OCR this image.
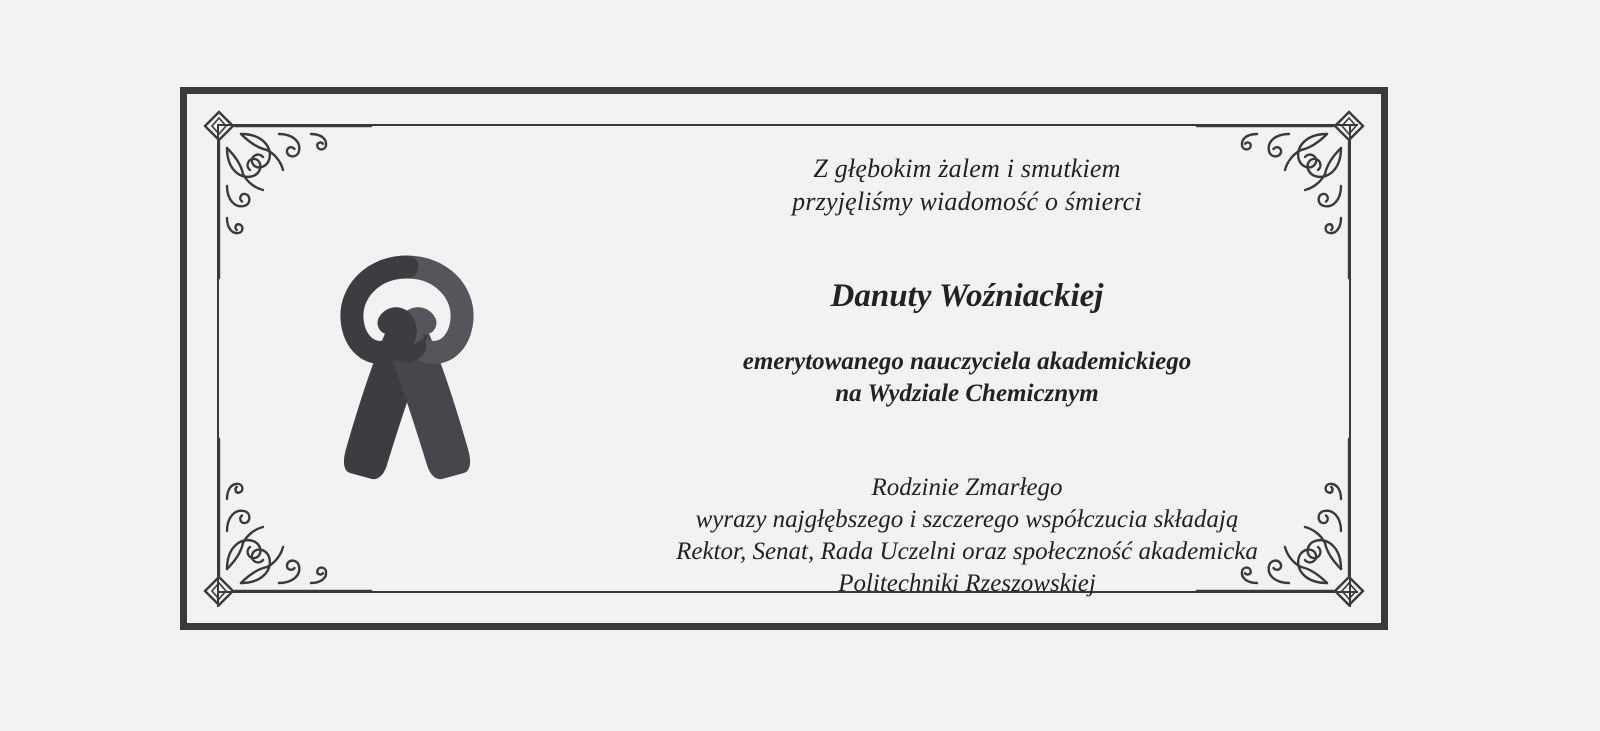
Z głębokim żalem i smutkiem
przyjęliśmy wiadomość o śmierci
Danuty Woźniackiej
emerytowanego nauczyciela akademickiego
na Wydziale Chemicznym
Rodzinie Zmarłego
wyrazy najgłębszego i szczerego współczucia składają
Rektor, Senat, Rada Uczelni oraz społeczność akademicka
Politechniki Rzeszowskiej
